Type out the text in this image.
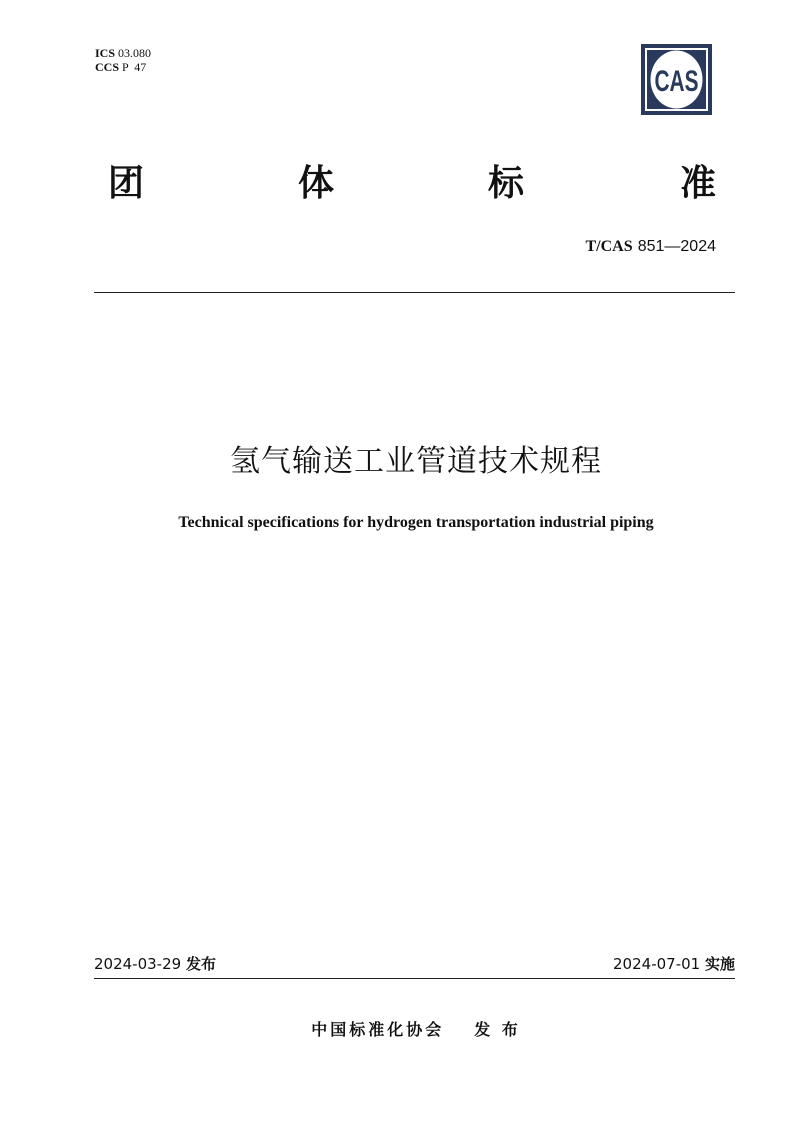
ICS 03.080
CCS P  47	CAS
团	体	标	准
T/CAS 851—2024
氢气输送工业管道技术规程
Technical specifications for hydrogen transportation industrial piping
2024-03-29 发布	2024-07-01 实施
中国标准化协会 发 布
